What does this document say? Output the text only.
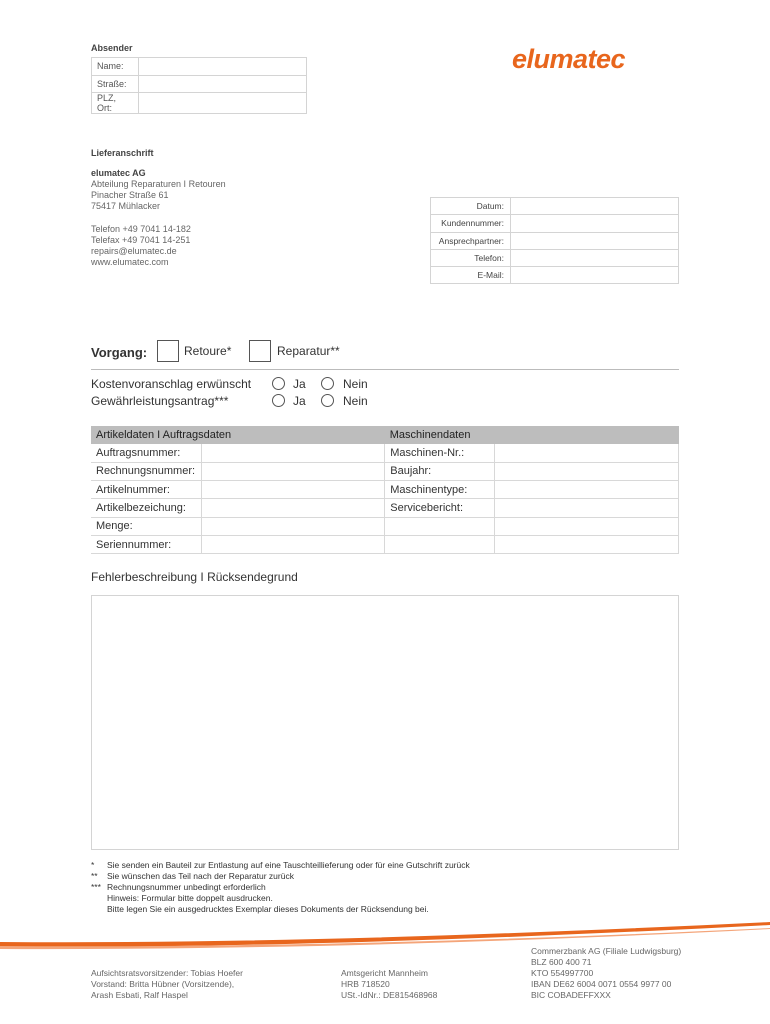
Absender
Name:	
Straße:	
PLZ, Ort:	
elumatec
Lieferanschrift
elumatec AG
Abteilung Reparaturen I Retouren
Pinacher Straße 61
75417 Mühlacker
Telefon +49 7041 14-182
Telefax +49 7041 14-251
repairs@elumatec.de
www.elumatec.com
Datum:	
Kundennummer:	
Ansprechpartner:	
Telefon:	
E-Mail:	
Vorgang:	Retoure*	Reparatur**
Kostenvoranschlag erwünscht	Ja	Nein
Gewährleistungsantrag***	Ja	Nein
Artikeldaten I Auftragsdaten		Maschinendaten	
Auftragsnummer:		Maschinen-Nr.:	
Rechnungsnummer:		Baujahr:	
Artikelnummer:		Maschinentype:	
Artikelbezeichung:		Servicebericht:	
Menge:			
Seriennummer:			
Fehlerbeschreibung I Rücksendegrund
*	Sie senden ein Bauteil zur Entlastung auf eine Tauschteillieferung oder für eine Gutschrift zurück
**	Sie wünschen das Teil nach der Reparatur zurück
*** Rechnungsnummer unbedingt erforderlich
Hinweis: Formular bitte doppelt ausdrucken.
Bitte legen Sie ein ausgedrucktes Exemplar dieses Dokuments der Rücksendung bei.
Aufsichtsratsvorsitzender: Tobias Hoefer
Vorstand: Britta Hübner (Vorsitzende),
Arash Esbati, Ralf Haspel
Amtsgericht Mannheim
HRB 718520
USt.-IdNr.: DE815468968
Commerzbank AG (Filiale Ludwigsburg)
BLZ 600 400 71
KTO 554997700
IBAN DE62 6004 0071 0554 9977 00
BIC COBADEFFXXX
